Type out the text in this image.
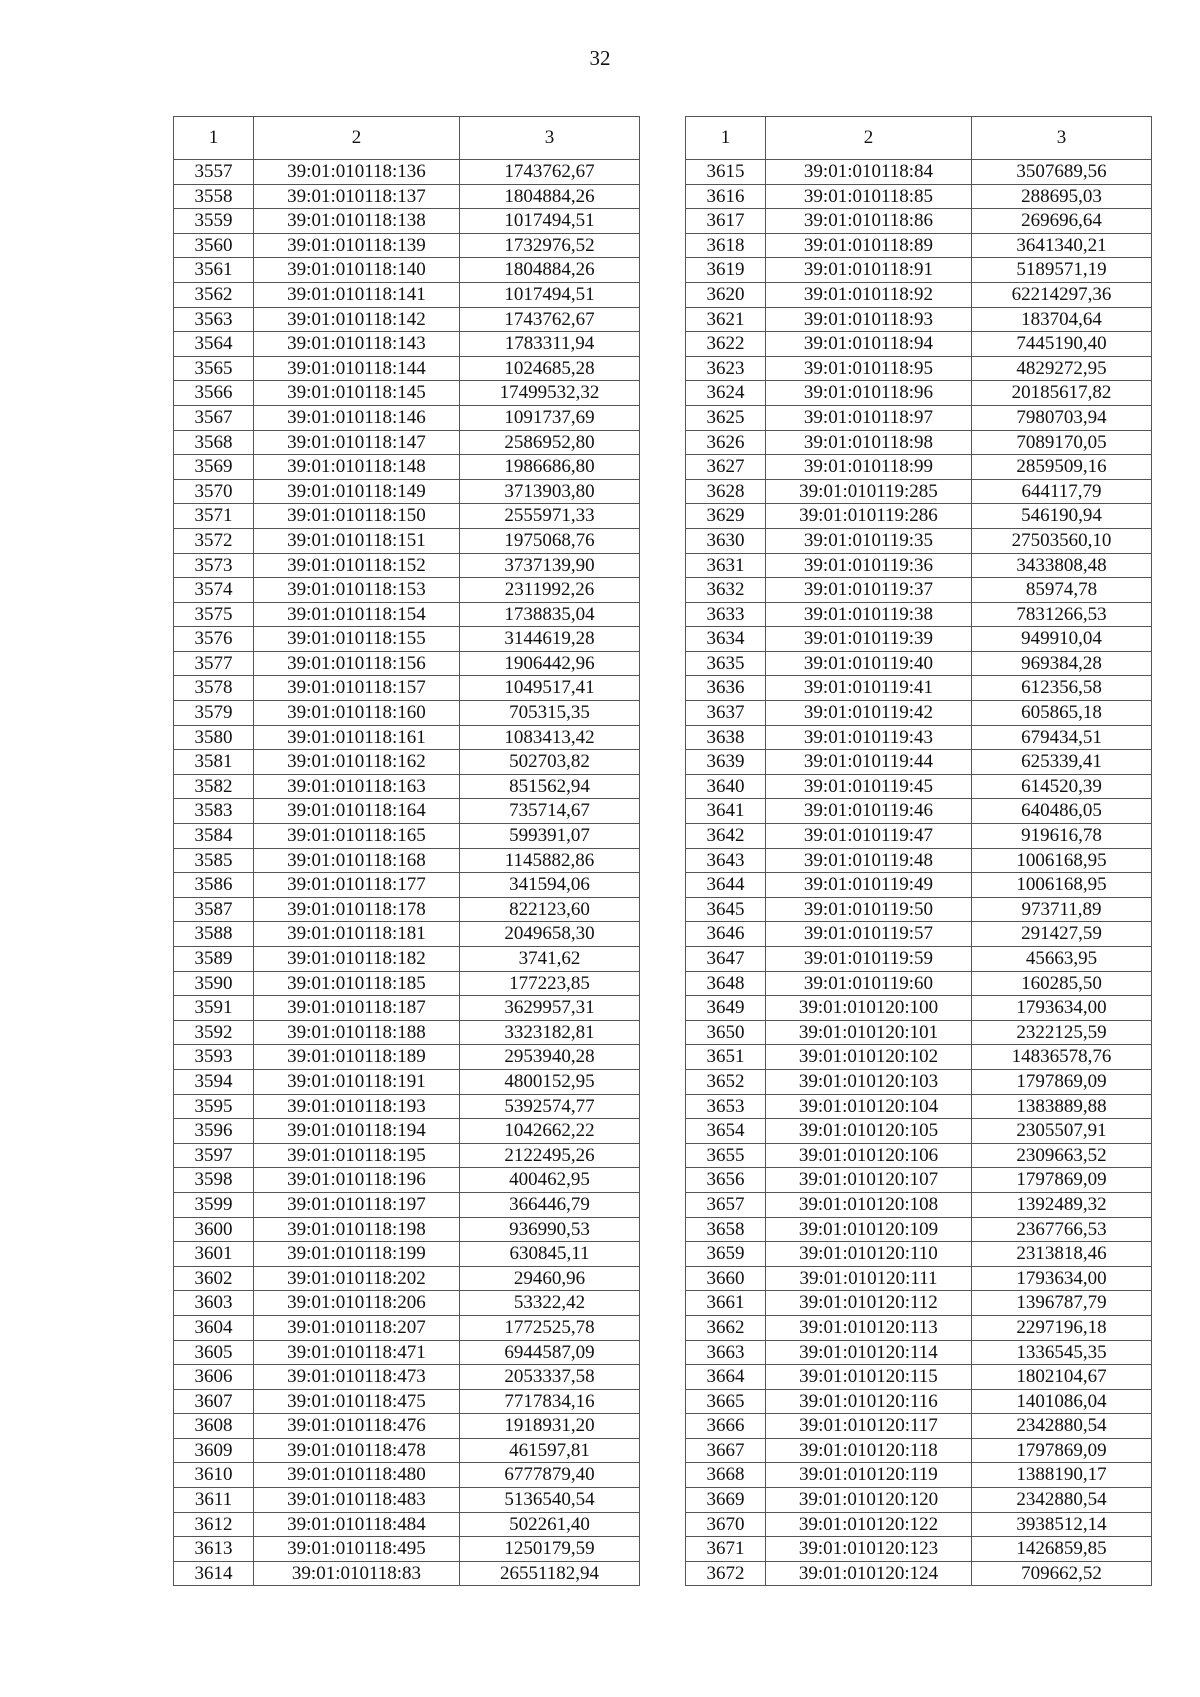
32
1	2	3
3557	39:01:010118:136	1743762,67
3558	39:01:010118:137	1804884,26
3559	39:01:010118:138	1017494,51
3560	39:01:010118:139	1732976,52
3561	39:01:010118:140	1804884,26
3562	39:01:010118:141	1017494,51
3563	39:01:010118:142	1743762,67
3564	39:01:010118:143	1783311,94
3565	39:01:010118:144	1024685,28
3566	39:01:010118:145	17499532,32
3567	39:01:010118:146	1091737,69
3568	39:01:010118:147	2586952,80
3569	39:01:010118:148	1986686,80
3570	39:01:010118:149	3713903,80
3571	39:01:010118:150	2555971,33
3572	39:01:010118:151	1975068,76
3573	39:01:010118:152	3737139,90
3574	39:01:010118:153	2311992,26
3575	39:01:010118:154	1738835,04
3576	39:01:010118:155	3144619,28
3577	39:01:010118:156	1906442,96
3578	39:01:010118:157	1049517,41
3579	39:01:010118:160	705315,35
3580	39:01:010118:161	1083413,42
3581	39:01:010118:162	502703,82
3582	39:01:010118:163	851562,94
3583	39:01:010118:164	735714,67
3584	39:01:010118:165	599391,07
3585	39:01:010118:168	1145882,86
3586	39:01:010118:177	341594,06
3587	39:01:010118:178	822123,60
3588	39:01:010118:181	2049658,30
3589	39:01:010118:182	3741,62
3590	39:01:010118:185	177223,85
3591	39:01:010118:187	3629957,31
3592	39:01:010118:188	3323182,81
3593	39:01:010118:189	2953940,28
3594	39:01:010118:191	4800152,95
3595	39:01:010118:193	5392574,77
3596	39:01:010118:194	1042662,22
3597	39:01:010118:195	2122495,26
3598	39:01:010118:196	400462,95
3599	39:01:010118:197	366446,79
3600	39:01:010118:198	936990,53
3601	39:01:010118:199	630845,11
3602	39:01:010118:202	29460,96
3603	39:01:010118:206	53322,42
3604	39:01:010118:207	1772525,78
3605	39:01:010118:471	6944587,09
3606	39:01:010118:473	2053337,58
3607	39:01:010118:475	7717834,16
3608	39:01:010118:476	1918931,20
3609	39:01:010118:478	461597,81
3610	39:01:010118:480	6777879,40
3611	39:01:010118:483	5136540,54
3612	39:01:010118:484	502261,40
3613	39:01:010118:495	1250179,59
3614	39:01:010118:83	26551182,94
1	2	3
3615	39:01:010118:84	3507689,56
3616	39:01:010118:85	288695,03
3617	39:01:010118:86	269696,64
3618	39:01:010118:89	3641340,21
3619	39:01:010118:91	5189571,19
3620	39:01:010118:92	62214297,36
3621	39:01:010118:93	183704,64
3622	39:01:010118:94	7445190,40
3623	39:01:010118:95	4829272,95
3624	39:01:010118:96	20185617,82
3625	39:01:010118:97	7980703,94
3626	39:01:010118:98	7089170,05
3627	39:01:010118:99	2859509,16
3628	39:01:010119:285	644117,79
3629	39:01:010119:286	546190,94
3630	39:01:010119:35	27503560,10
3631	39:01:010119:36	3433808,48
3632	39:01:010119:37	85974,78
3633	39:01:010119:38	7831266,53
3634	39:01:010119:39	949910,04
3635	39:01:010119:40	969384,28
3636	39:01:010119:41	612356,58
3637	39:01:010119:42	605865,18
3638	39:01:010119:43	679434,51
3639	39:01:010119:44	625339,41
3640	39:01:010119:45	614520,39
3641	39:01:010119:46	640486,05
3642	39:01:010119:47	919616,78
3643	39:01:010119:48	1006168,95
3644	39:01:010119:49	1006168,95
3645	39:01:010119:50	973711,89
3646	39:01:010119:57	291427,59
3647	39:01:010119:59	45663,95
3648	39:01:010119:60	160285,50
3649	39:01:010120:100	1793634,00
3650	39:01:010120:101	2322125,59
3651	39:01:010120:102	14836578,76
3652	39:01:010120:103	1797869,09
3653	39:01:010120:104	1383889,88
3654	39:01:010120:105	2305507,91
3655	39:01:010120:106	2309663,52
3656	39:01:010120:107	1797869,09
3657	39:01:010120:108	1392489,32
3658	39:01:010120:109	2367766,53
3659	39:01:010120:110	2313818,46
3660	39:01:010120:111	1793634,00
3661	39:01:010120:112	1396787,79
3662	39:01:010120:113	2297196,18
3663	39:01:010120:114	1336545,35
3664	39:01:010120:115	1802104,67
3665	39:01:010120:116	1401086,04
3666	39:01:010120:117	2342880,54
3667	39:01:010120:118	1797869,09
3668	39:01:010120:119	1388190,17
3669	39:01:010120:120	2342880,54
3670	39:01:010120:122	3938512,14
3671	39:01:010120:123	1426859,85
3672	39:01:010120:124	709662,52
